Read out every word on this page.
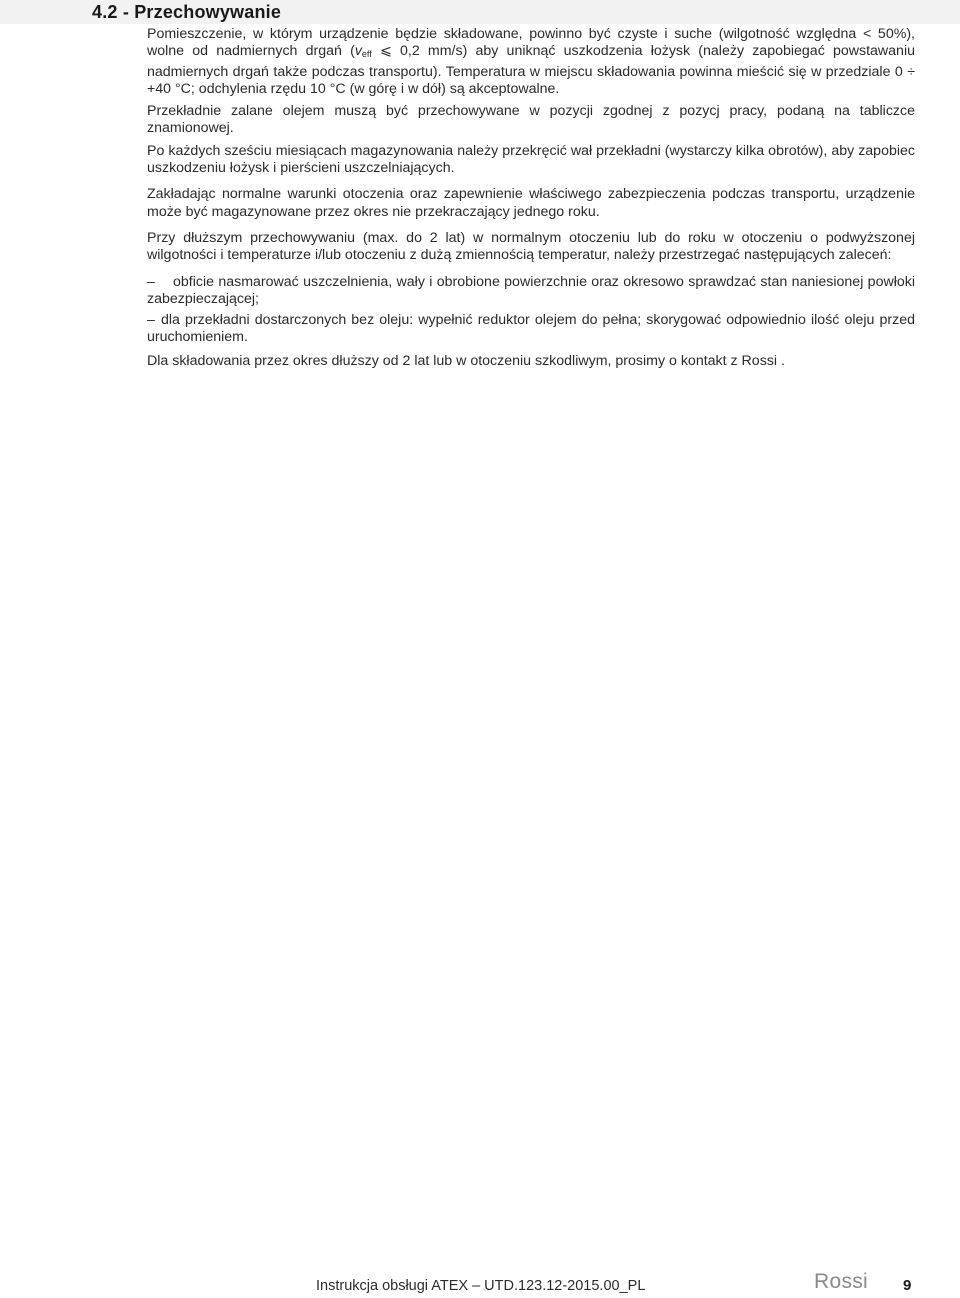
4.2 - Przechowywanie

Pomieszczenie, w którym urządzenie będzie składowane, powinno być czyste i suche (wilgotność względna < 50%), wolne od nadmiernych drgań ($v_{eff}$ ⩽ 0,2 mm/s) aby uniknąć uszkodzenia łożysk (należy zapobiegać powstawaniu nadmiernych drgań także podczas transportu). Temperatura w miejscu składowania powinna mieścić się w przedziale 0 ÷ +40 °C; odchylenia rzędu 10 °C (w górę i w dół) są akceptowalne.

Przekładnie zalane olejem muszą być przechowywane w pozycji zgodnej z pozycj pracy, podaną na tabliczce znamionowej.

Po każdych sześciu miesiącach magazynowania należy przekręcić wał przekładni (wystarczy kilka obrotów), aby zapobiec uszkodzeniu łożysk i pierścieni uszczelniających.

Zakładając normalne warunki otoczenia oraz zapewnienie właściwego zabezpieczenia podczas transportu, urządzenie może być magazynowane przez okres nie przekraczający jednego roku.

Przy dłuższym przechowywaniu (max. do 2 lat) w normalnym otoczeniu lub do roku w otoczeniu o podwyższonej wilgotności i temperaturze i/lub otoczeniu z dużą zmiennością temperatur, należy przestrzegać następujących zaleceń:

– obficie nasmarować uszczelnienia, wały i obrobione powierzchnie oraz okresowo sprawdzać stan naniesionej powłoki zabezpieczającej;
– dla przekładni dostarczonych bez oleju: wypełnić reduktor olejem do pełna; skorygować odpowiednio ilość oleju przed uruchomieniem.

Dla składowania przez okres dłuższy od 2 lat lub w otoczeniu szkodliwym, prosimy o kontakt z Rossi .

Instrukcja obsługi ATEX – UTD.123.12-2015.00_PL	Rossi 9
